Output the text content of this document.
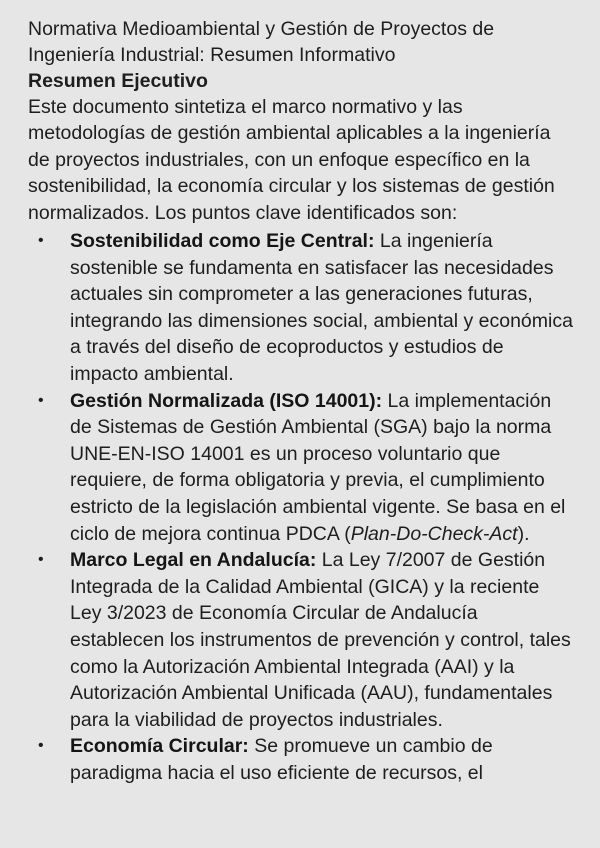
Normativa Medioambiental y Gestión de Proyectos de
Ingeniería Industrial: Resumen Informativo
Resumen Ejecutivo

Este documento sintetiza el marco normativo y las metodologías de gestión ambiental aplicables a la ingeniería de proyectos industriales, con un enfoque específico en la sostenibilidad, la economía circular y los sistemas de gestión normalizados. Los puntos clave identificados son:

• Sostenibilidad como Eje Central: La ingeniería sostenible se fundamenta en satisfacer las necesidades actuales sin comprometer a las generaciones futuras, integrando las dimensiones social, ambiental y económica a través del diseño de ecoproductos y estudios de impacto ambiental.
• Gestión Normalizada (ISO 14001): La implementación de Sistemas de Gestión Ambiental (SGA) bajo la norma UNE-EN-ISO 14001 es un proceso voluntario que requiere, de forma obligatoria y previa, el cumplimiento estricto de la legislación ambiental vigente. Se basa en el ciclo de mejora continua PDCA (Plan-Do-Check-Act).
• Marco Legal en Andalucía: La Ley 7/2007 de Gestión Integrada de la Calidad Ambiental (GICA) y la reciente Ley 3/2023 de Economía Circular de Andalucía establecen los instrumentos de prevención y control, tales como la Autorización Ambiental Integrada (AAI) y la Autorización Ambiental Unificada (AAU), fundamentales para la viabilidad de proyectos industriales.
• Economía Circular: Se promueve un cambio de paradigma hacia el uso eficiente de recursos, el
